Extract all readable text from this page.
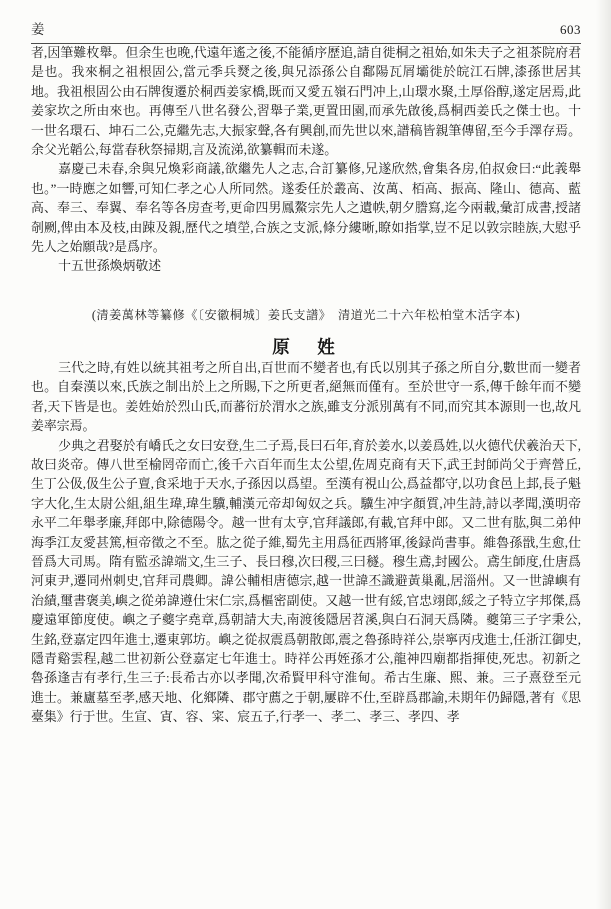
姜	603

者,因筆難枚舉。但余生也晚,代遠年遙之後,不能循序歷追,請自徙桐之祖始,如朱夫子之祖茶院府君是也。我來桐之祖根固公,當元季兵燹之後,與兄添孫公自鄱陽瓦屑壩徙於皖江石牌,漆孫世居其地。我祖根固公由石牌復遷於桐西姜家橋,既而又愛五嶺石門冲上,山環水聚,土厚俗醇,遂定居焉,此姜家坎之所由來也。再傳至八世名發公,習舉子業,更置田園,而承先啟後,爲桐西姜氏之傑士也。十一世名環石、坤石二公,克繼先志,大振家聲,各有興創,而先世以來,譜稿皆親筆傳留,至今手澤存焉。余父光韜公,每當春秋祭掃期,言及流涕,欲纂輯而未遂。

嘉慶己未春,余與兄煥彩商議,欲繼先人之志,合訂纂修,兄遂欣然,會集各房,伯叔僉曰:“此義舉也。”一時應之如響,可知仁孝之心人所同然。遂委任於叢高、汝萬、栢高、振高、隆山、德高、藍高、奉三、奉翼、奉名等各房查考,更命四男鳳鰲宗先人之遺帙,朝夕謄寫,迄今兩載,彙訂成書,授諸剞劂,俾由本及枝,由踈及親,歷代之墳塋,合族之支派,條分縷晰,瞭如指掌,豈不足以敦宗睦族,大慰乎先人之始願哉?是爲序。

十五世孫煥炳敬述

(清姜萬林等纂修《〔安徽桐城〕姜氏支譜》　清道光二十六年松柏堂木活字本)
原　姓

三代之時,有姓以統其祖考之所自出,百世而不變者也,有氏以別其子孫之所自分,數世而一變者也。自秦漢以來,氏族之制出於上之所賜,下之所更者,絕無而僅有。至於世守一系,傳千餘年而不變者,天下皆是也。姜姓始於烈山氏,而蕃衍於渭水之族,雖支分派別萬有不同,而究其本源則一也,故凡姜率宗焉。

少典之君娶於有嶠氏之女曰安登,生二子焉,長曰石年,育於姜水,以姜爲姓,以火德代伏羲治天下,故曰炎帝。傳八世至榆罔帝而亡,後千六百年而生太公望,佐周克商有天下,武王封師尚父于齊營丘,生丁公伋,伋生公子亶,食采地于天水,子孫因以爲望。至漢有視山公,爲益都守,以功食邑上邽,長子魁字大化,生太尉公組,組生瑋,瑋生驥,輔漢元帝却匈奴之兵。驥生冲字顏質,冲生詩,詩以孝聞,漢明帝永平二年舉孝廉,拜郎中,除德陽令。越一世有太亨,官拜議郎,有載,官拜中郎。又二世有肱,與二弟仲海季江友愛甚篤,桓帝徵之不至。肱之從子維,蜀先主用爲征西將軍,後録尚書事。維魯孫戩,生愈,仕晉爲大司馬。隋有監丞諱端文,生三子、長曰穆,次曰稷,三曰穟。穆生鳶,封國公。鳶生師度,仕唐爲河東尹,遷同州刺史,官拜司農卿。諱公輔相唐德宗,越一世諱丕識避黃巢亂,居淄州。又一世諱嶼有治績,璽書褒美,嶼之從弟諱遵仕宋仁宗,爲樞密副使。又越一世有綏,官忠翊郎,綏之子特立字邦傑,爲慶遠軍節度使。嶼之子夔字堯章,爲朝請大夫,南渡後隱居苕溪,與白石洞天爲隣。夔第三子字秉公,生銘,登嘉定四年進士,遷東郭坊。嶼之從叔震爲朝散郎,震之魯孫時祥公,崇寧丙戌進士,任浙江御史,隱青谿雲程,越二世初新公登嘉定七年進士。時祥公再姪孫才公,龍神四廟都指揮使,死忠。初新之魯孫逢吉有孝行,生三子:長希古亦以孝聞,次希賢甲科守淮甸。希古生廉、熙、兼。三子熹登至元進士。兼廬墓至孝,感天地、化鄉隣、郡守薦之于朝,屢辟不仕,至辟爲郡諭,未期年仍歸隱,著有《思臺集》行于世。生宣、寊、容、寀、宸五子,行孝一、孝二、孝三、孝四、孝
